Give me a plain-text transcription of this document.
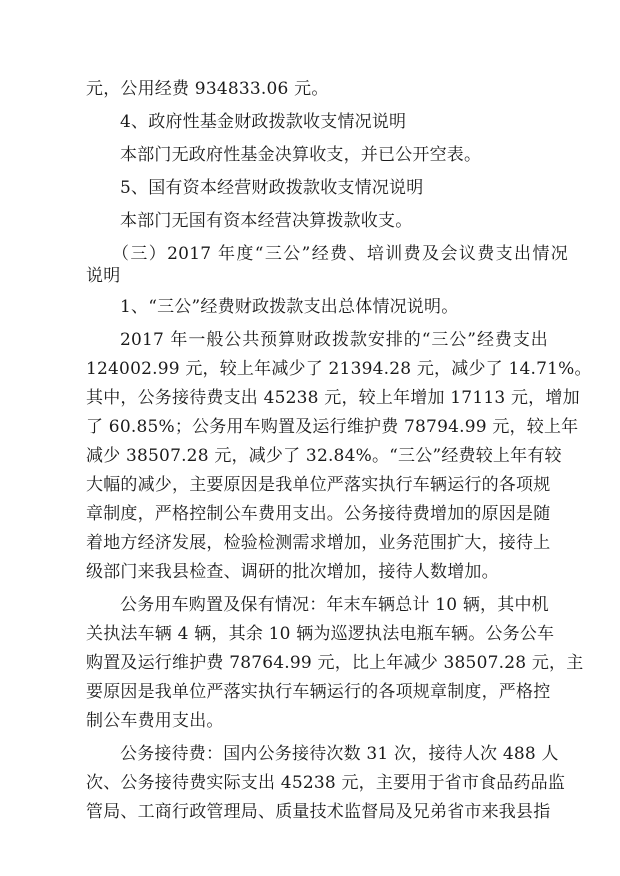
元，公用经费 934833.06 元。
4、政府性基金财政拨款收支情况说明
本部门无政府性基金决算收支，并已公开空表。
5、国有资本经营财政拨款收支情况说明
本部门无国有资本经营决算拨款收支。
（三）2017 年度“三公”经费、培训费及会议费支出情况
说明
1、“三公”经费财政拨款支出总体情况说明。
2017 年一般公共预算财政拨款安排的“三公”经费支出
124002.99 元，较上年减少了 21394.28 元，减少了 14.71%。
其中，公务接待费支出 45238 元，较上年增加 17113 元，增加
了 60.85%；公务用车购置及运行维护费 78794.99 元，较上年
减少 38507.28 元，减少了 32.84%。“三公”经费较上年有较
大幅的减少，主要原因是我单位严落实执行车辆运行的各项规
章制度，严格控制公车费用支出。公务接待费增加的原因是随
着地方经济发展，检验检测需求增加，业务范围扩大，接待上
级部门来我县检查、调研的批次增加，接待人数增加。
公务用车购置及保有情况：年末车辆总计 10 辆，其中机
关执法车辆 4 辆，其余 10 辆为巡逻执法电瓶车辆。公务公车
购置及运行维护费 78764.99 元，比上年减少 38507.28 元，主
要原因是我单位严落实执行车辆运行的各项规章制度，严格控
制公车费用支出。
公务接待费：国内公务接待次数 31 次，接待人次 488 人
次、公务接待费实际支出 45238 元，主要用于省市食品药品监
管局、工商行政管理局、质量技术监督局及兄弟省市来我县指
